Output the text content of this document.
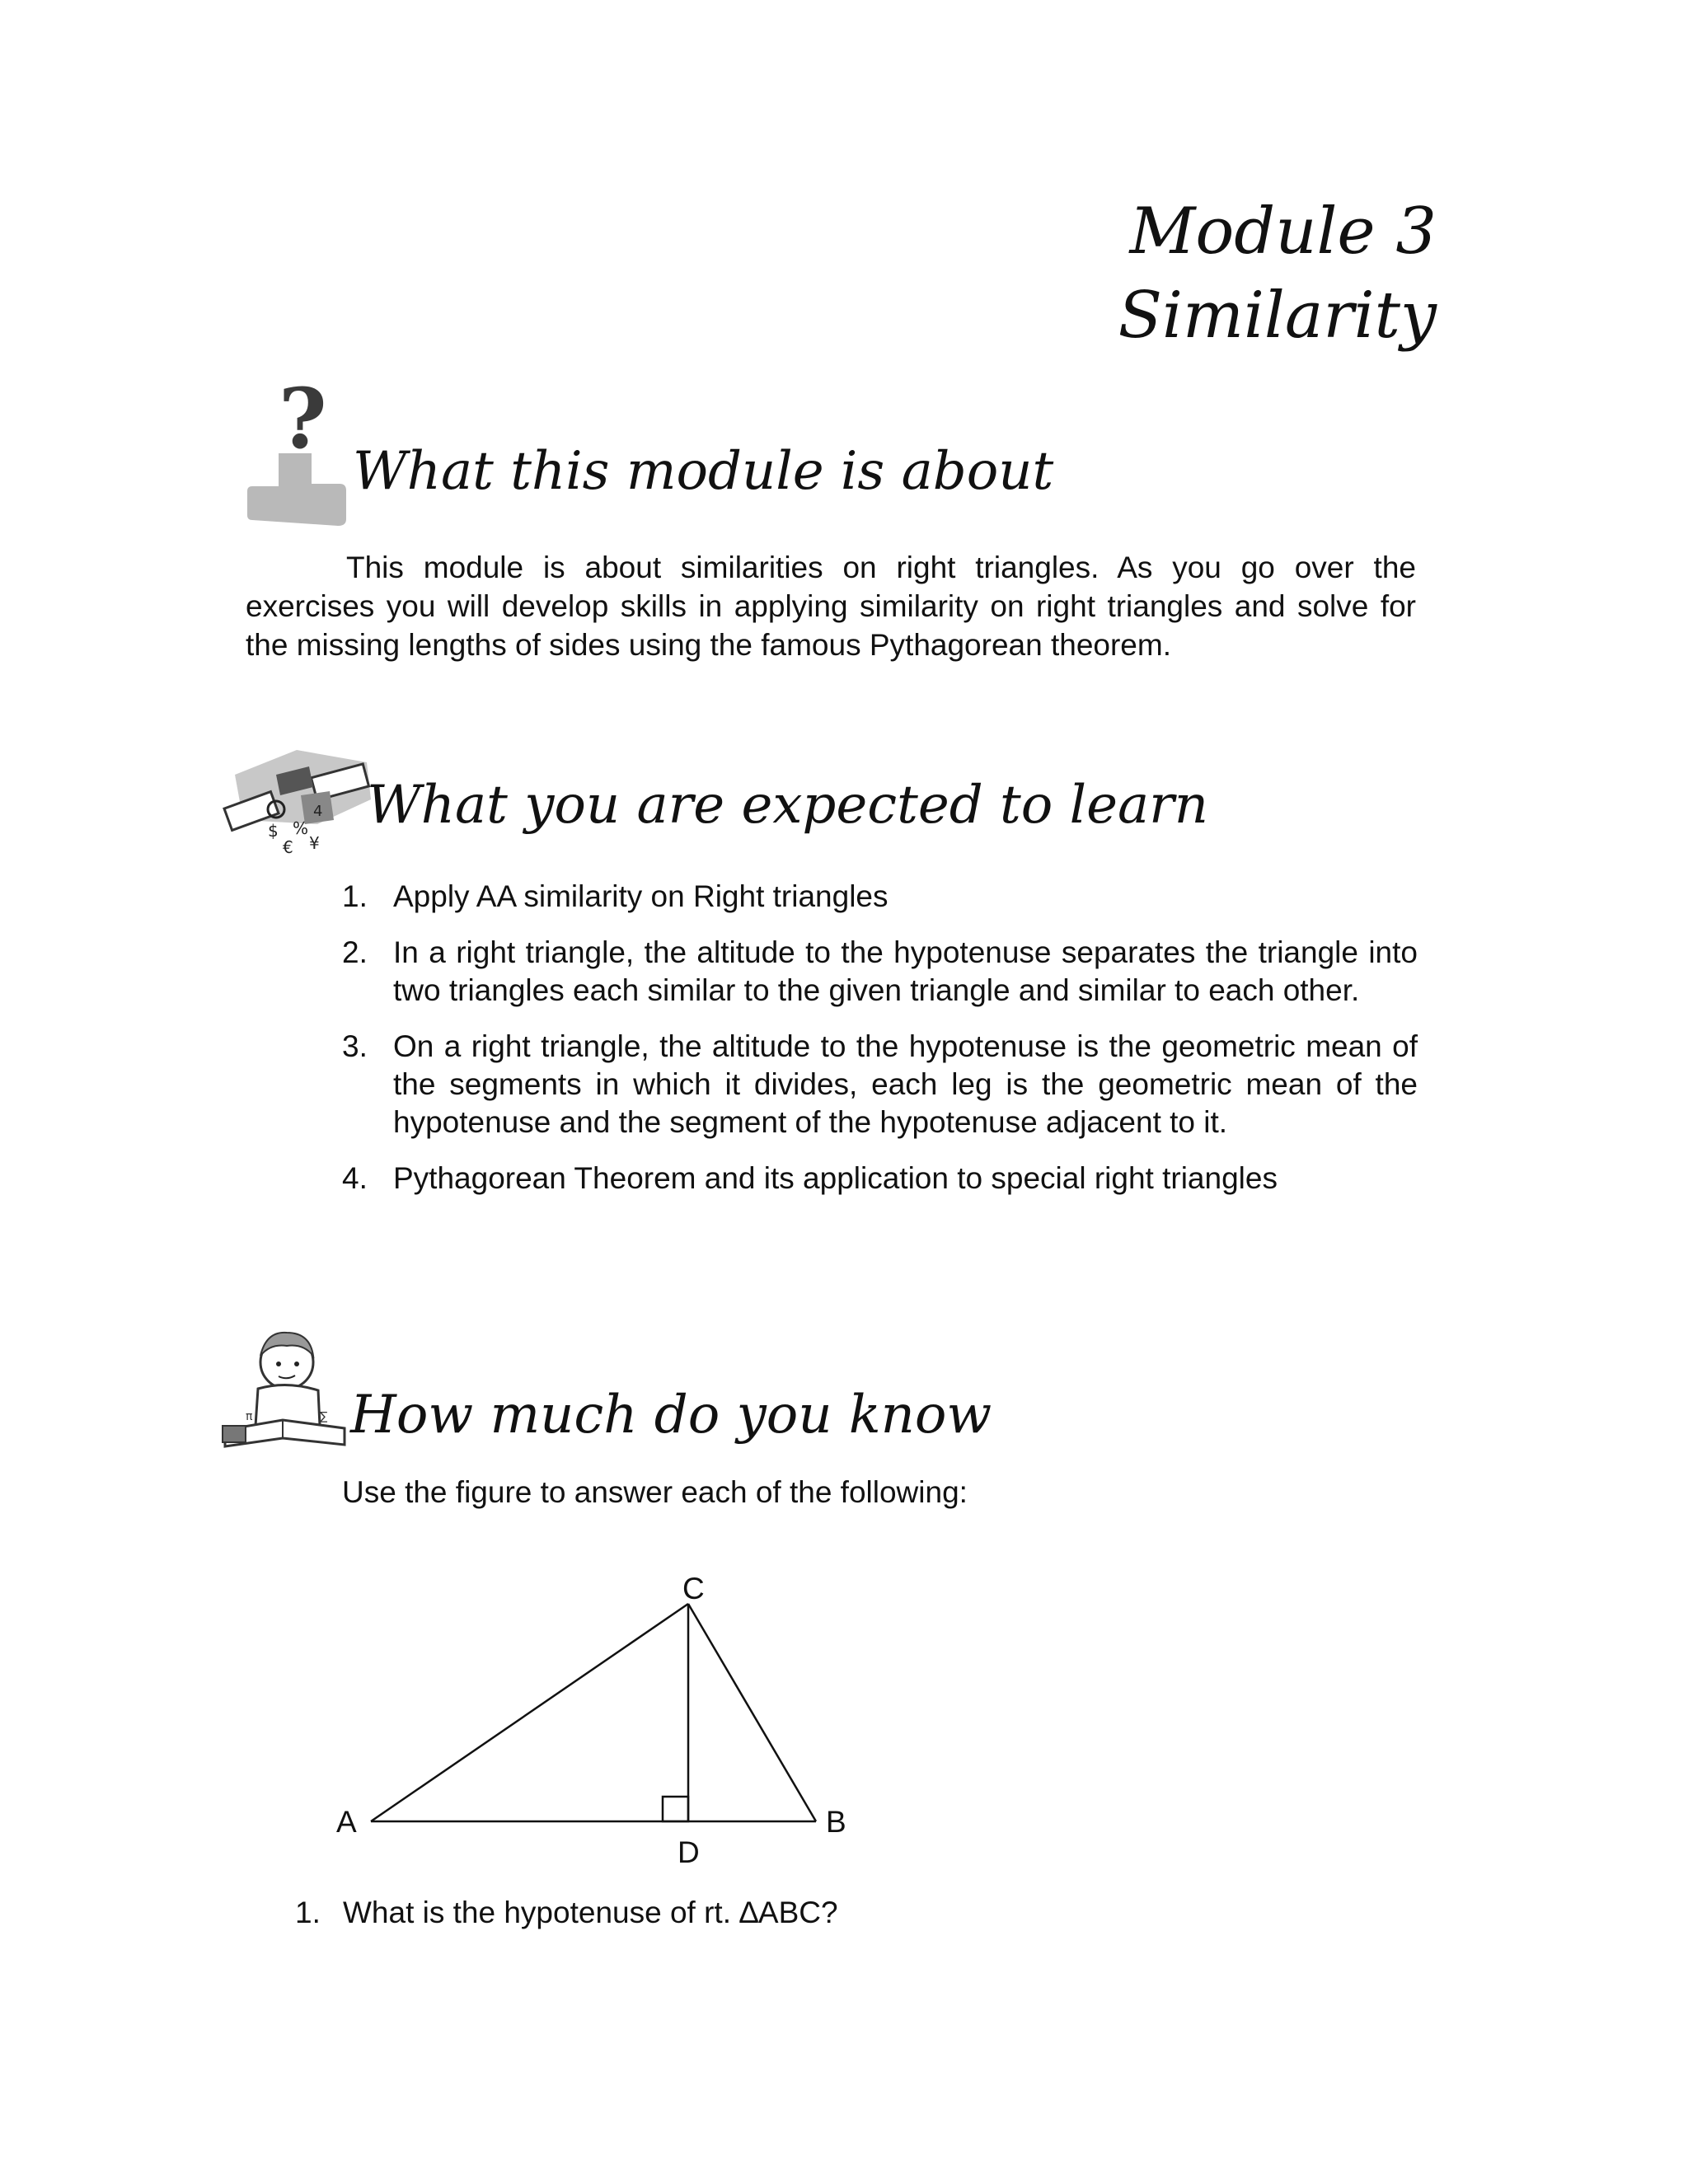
Module 3
Similarity
?
What this module is about
This module is about similarities on right triangles. As you go over the exercises you will develop skills in applying similarity on right triangles and solve for the missing lengths of sides using the famous Pythagorean theorem.
$ %
¥
€
4 What you are expected to learn
1. Apply AA similarity on Right triangles
2. In a right triangle, the altitude to the hypotenuse separates the triangle into two triangles each similar to the given triangle and similar to each other.
3. On a right triangle, the altitude to the hypotenuse is the geometric mean of the segments in which it divides, each leg is the geometric mean of the hypotenuse and the segment of the hypotenuse adjacent to it.
4. Pythagorean Theorem and its application to special right triangles
π	∑ How much do you know
Use the figure to answer each of the following:
C
A	B
D
1. What is the hypotenuse of rt. ∆ABC?
